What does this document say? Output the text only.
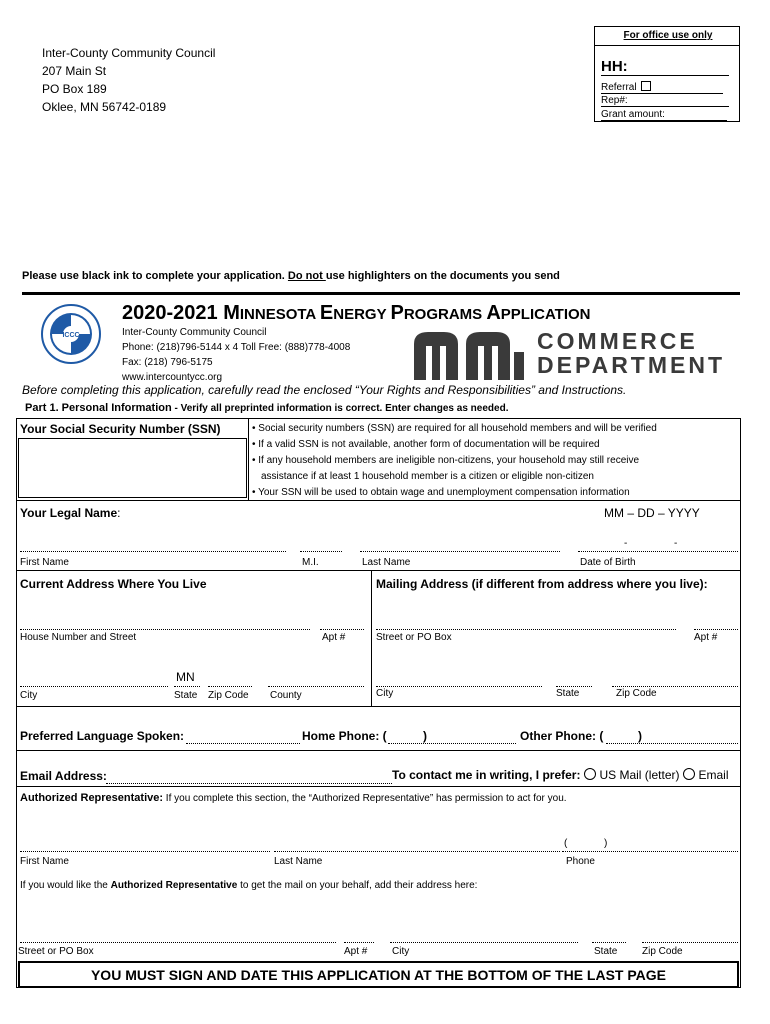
Inter-County Community Council
207 Main St
PO Box 189
Oklee, MN 56742-0189
For office use only
HH:
Referral
Rep#:
Grant amount:
Please use black ink to complete your application. Do not use highlighters on the documents you send
ICCC
2020-2021 MINNESOTA ENERGY PROGRAMS APPLICATION
Inter-County Community Council
Phone: (218)796-5144 x 4 Toll Free: (888)778-4008
Fax: (218) 796-5175
www.intercountycc.org
COMMERCE
DEPARTMENT
Before completing this application, carefully read the enclosed “Your Rights and Responsibilities” and Instructions.
Part 1. Personal Information - Verify all preprinted information is correct. Enter changes as needed.
Your Social Security Number (SSN)	• Social security numbers (SSN) are required for all household members and will be verified
• If a valid SSN is not available, another form of documentation will be required
• If any household members are ineligible non-citizens, your household may still receive
assistance if at least 1 household member is a citizen or eligible non-citizen
• Your SSN will be used to obtain wage and unemployment compensation information
Your Legal Name:	MM – DD – YYYY
-	-
First Name	M.I.	Last Name	Date of Birth
Current Address Where You Live	Mailing Address (if different from address where you live):
House Number and Street	Apt #	Street or PO Box	Apt #
MN
City	State Zip Code County	City	State	Zip Code
Preferred Language Spoken:	Home Phone: (	)	Other Phone: (	)
Email Address:	To contact me in writing, I prefer: US Mail (letter) Email
Authorized Representative: If you complete this section, the “Authorized Representative” has permission to act for you.
(	)
First Name	Last Name	Phone
If you would like the Authorized Representative to get the mail on your behalf, add their address here:
Street or PO Box	Apt # City	State Zip Code
YOU MUST SIGN AND DATE THIS APPLICATION AT THE BOTTOM OF THE LAST PAGE
